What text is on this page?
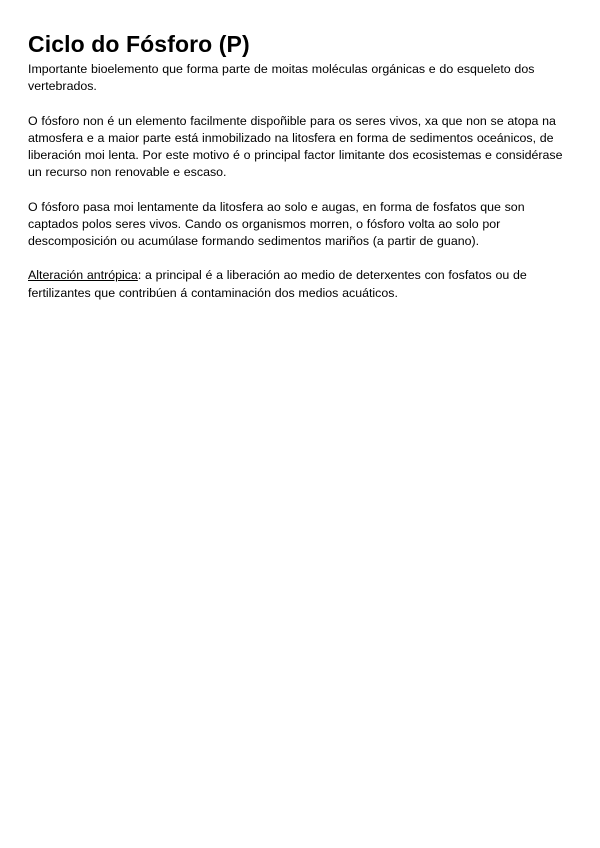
Ciclo do Fósforo (P)

Importante bioelemento que forma parte de moitas moléculas orgánicas e do esqueleto dos vertebrados.

O fósforo non é un elemento facilmente dispoñible para os seres vivos, xa que non se atopa na atmosfera e a maior parte está inmobilizado na litosfera en forma de sedimentos oceánicos, de liberación moi lenta. Por este motivo é o principal factor limitante dos ecosistemas e considérase un recurso non renovable e escaso.

O fósforo pasa moi lentamente da litosfera ao solo e augas, en forma de fosfatos que son captados polos seres vivos. Cando os organismos morren, o fósforo volta ao solo por descomposición ou acumúlase formando sedimentos mariños (a partir de guano).

Alteración antrópica: a principal é a liberación ao medio de deterxentes con fosfatos ou de fertilizantes que contribúen á contaminación dos medios acuáticos.
